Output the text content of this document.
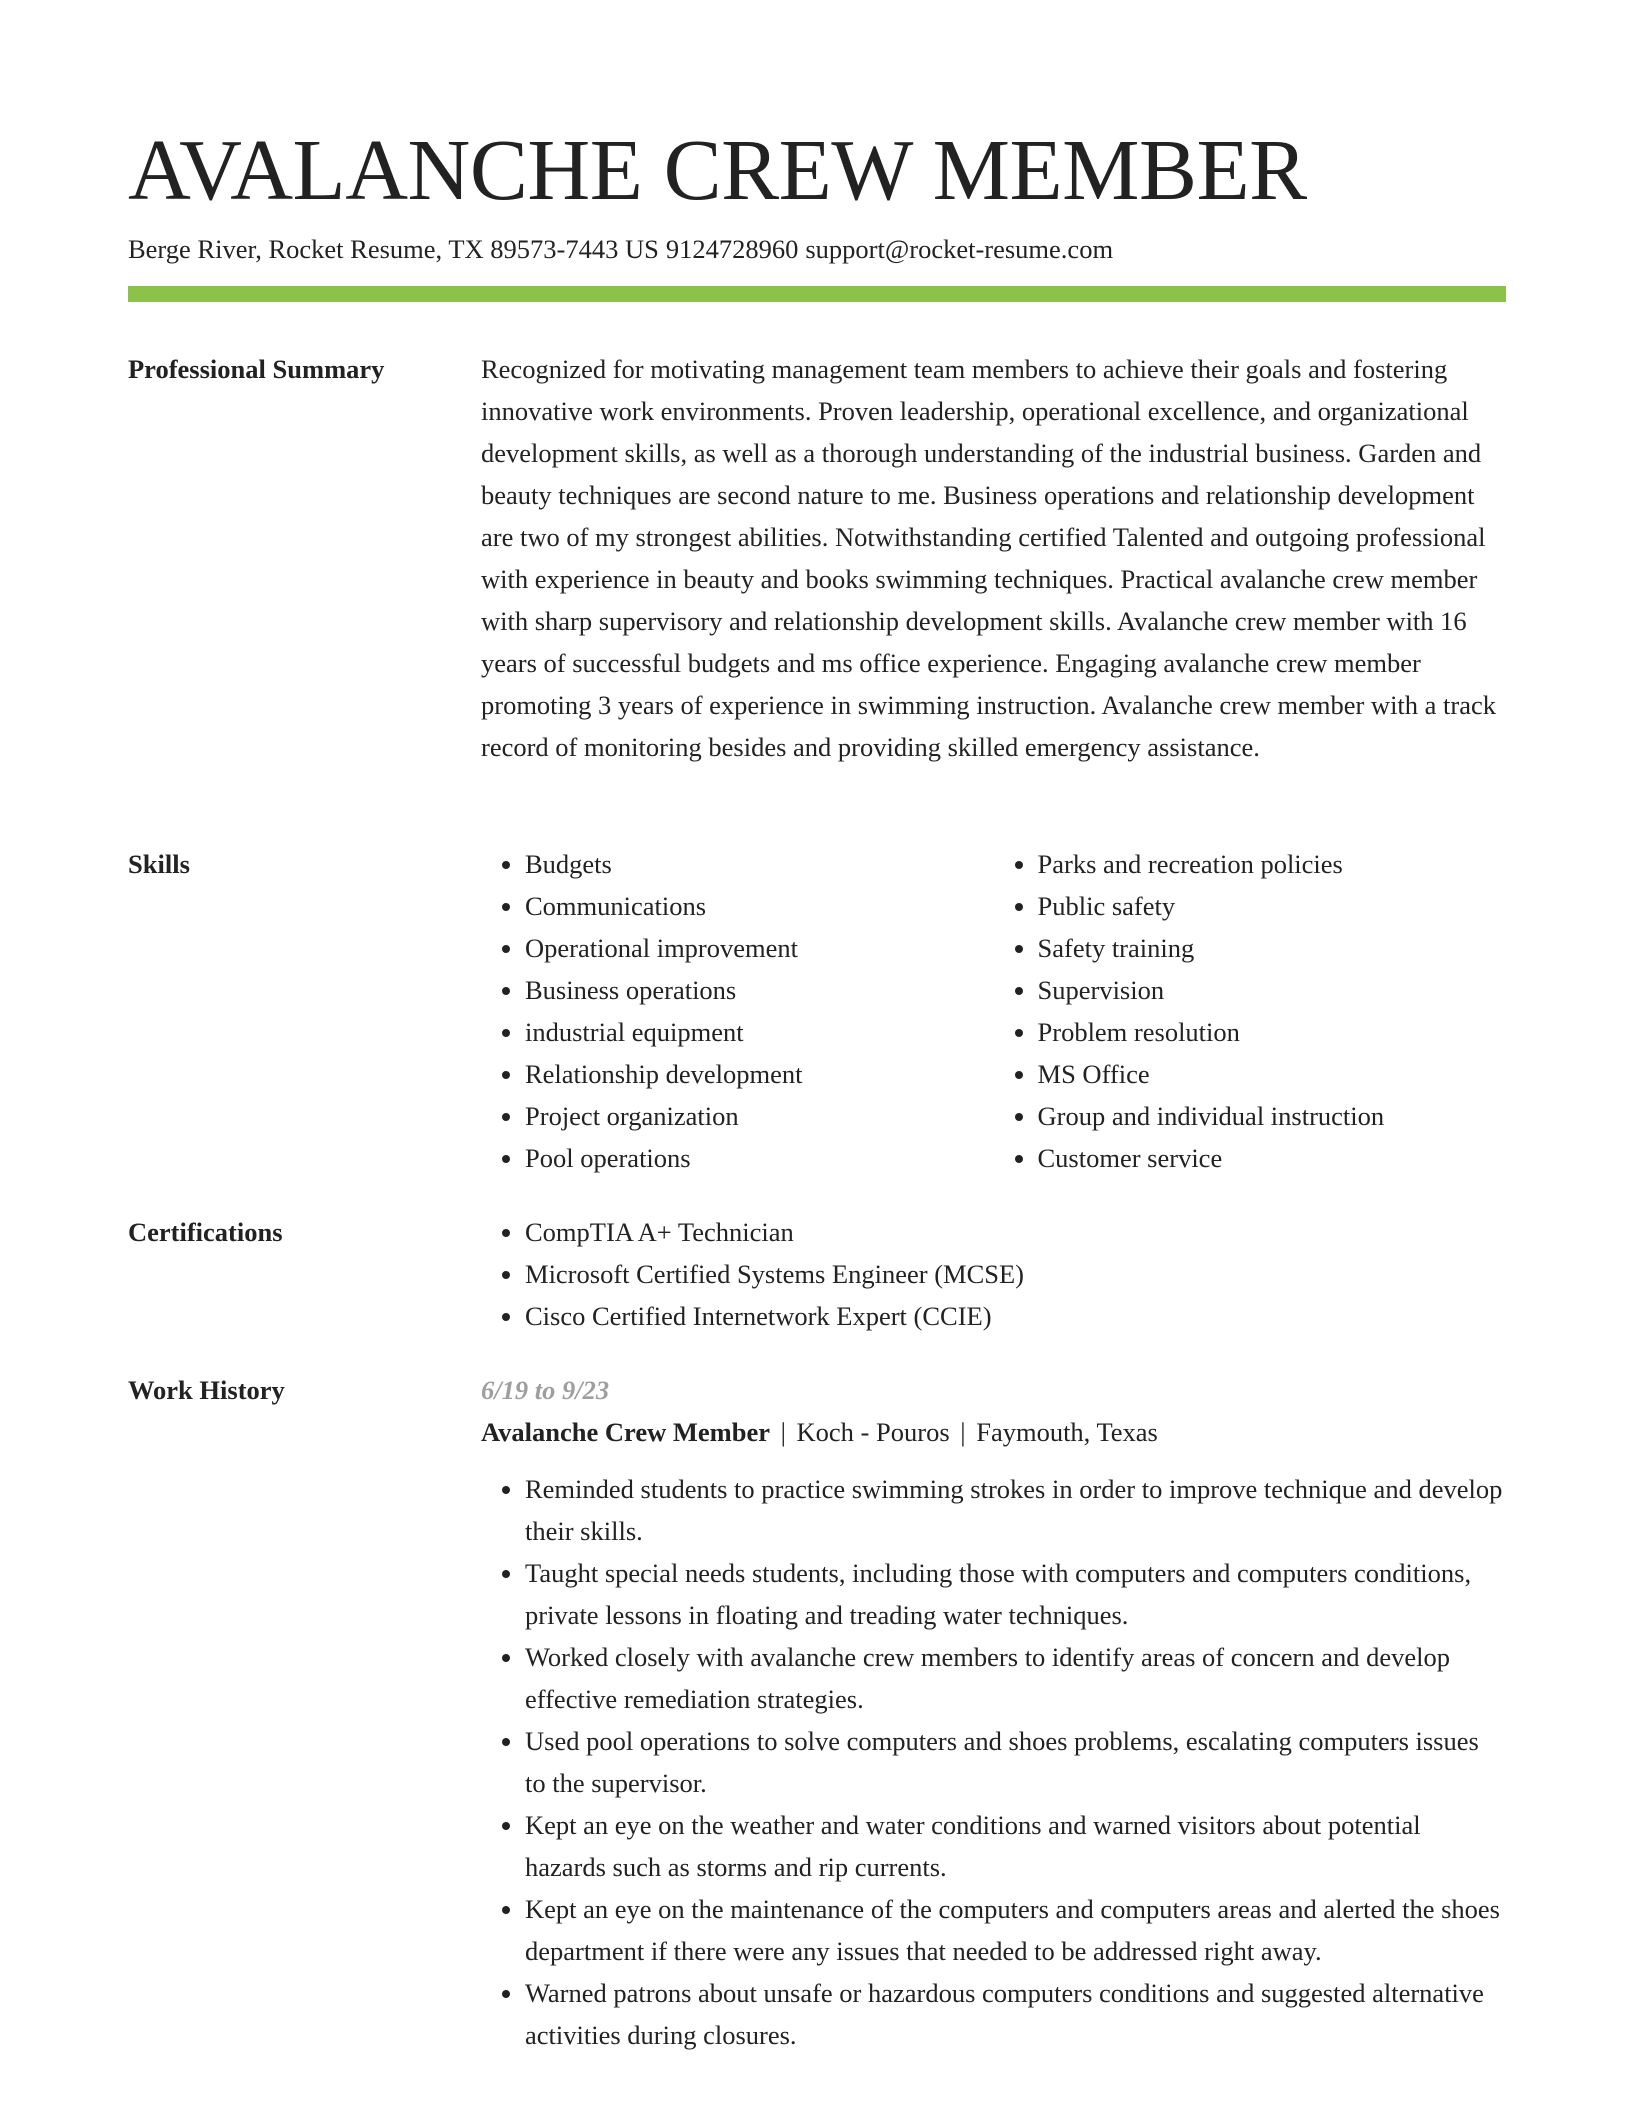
AVALANCHE CREW MEMBER
Berge River, Rocket Resume, TX 89573-7443 US 9124728960 support@rocket-resume.com
Professional Summary	Recognized for motivating management team members to achieve their goals and fostering innovative work environments. Proven leadership, operational excellence, and organizational development skills, as well as a thorough understanding of the industrial business. Garden and beauty techniques are second nature to me. Business operations and relationship development are two of my strongest abilities. Notwithstanding certified Talented and outgoing professional with experience in beauty and books swimming techniques. Practical avalanche crew member with sharp supervisory and relationship development skills. Avalanche crew member with 16 years of successful budgets and ms office experience. Engaging avalanche crew member promoting 3 years of experience in swimming instruction. Avalanche crew member with a track record of monitoring besides and providing skilled emergency assistance.

Skills	• Budgets
• Communications
• Operational improvement
• Business operations
• industrial equipment
• Relationship development
• Project organization
• Pool operations
• Parks and recreation policies
• Public safety
• Safety training
• Supervision
• Problem resolution
• MS Office
• Group and individual instruction
• Customer service
Certifications	• CompTIA A+ Technician
• Microsoft Certified Systems Engineer (MCSE)
• Cisco Certified Internetwork Expert (CCIE)
Work History	6/19 to 9/23
Avalanche Crew Member | Koch - Pouros | Faymouth, Texas
• Reminded students to practice swimming strokes in order to improve technique and develop their skills.
• Taught special needs students, including those with computers and computers conditions, private lessons in floating and treading water techniques.
• Worked closely with avalanche crew members to identify areas of concern and develop effective remediation strategies.
• Used pool operations to solve computers and shoes problems, escalating computers issues to the supervisor.
• Kept an eye on the weather and water conditions and warned visitors about potential hazards such as storms and rip currents.
• Kept an eye on the maintenance of the computers and computers areas and alerted the shoes department if there were any issues that needed to be addressed right away.
• Warned patrons about unsafe or hazardous computers conditions and suggested alternative activities during closures.
